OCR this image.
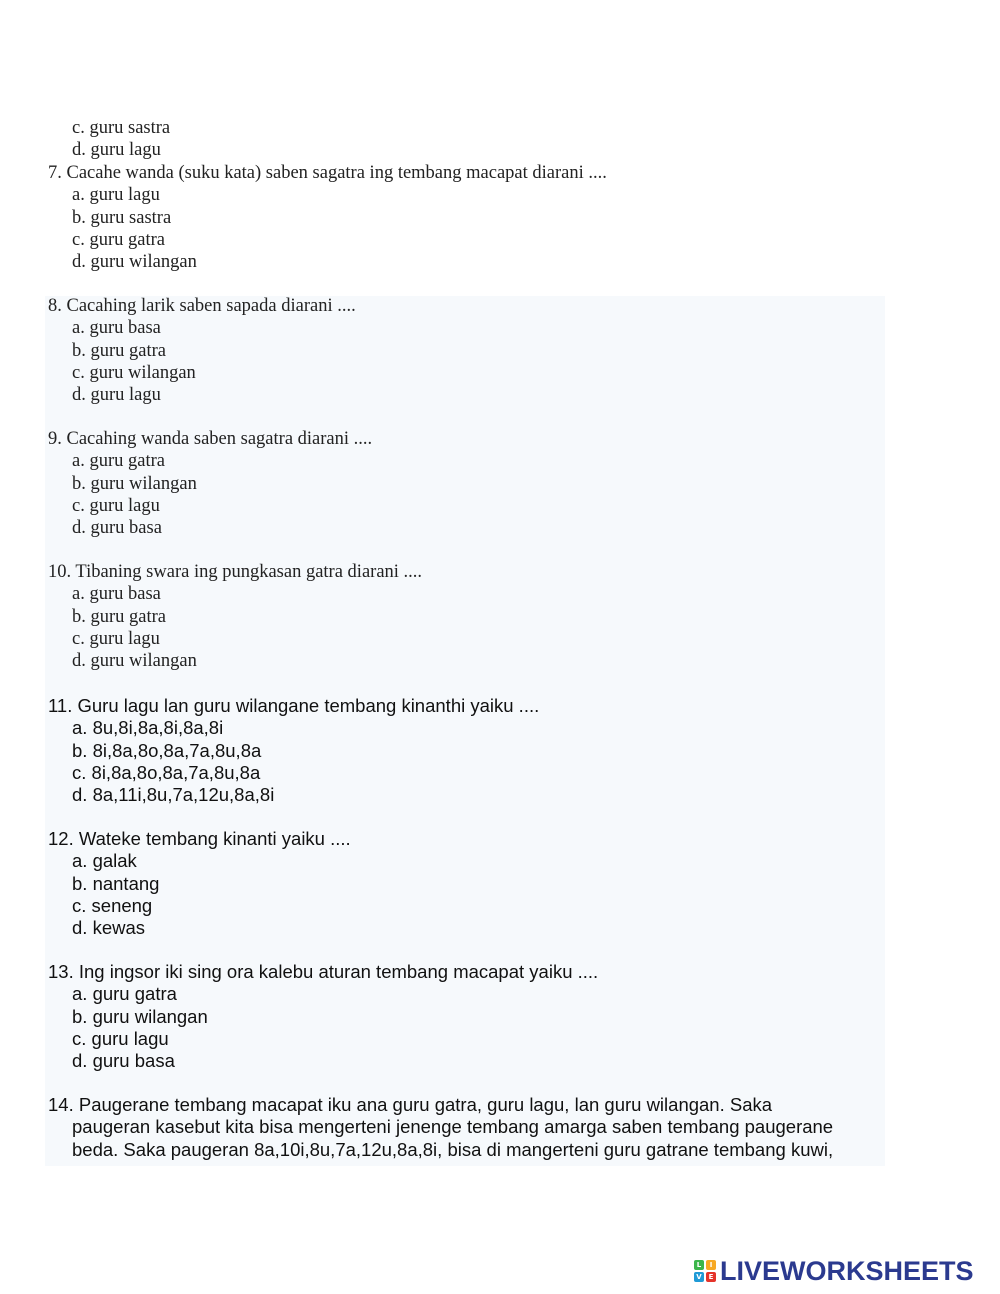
c. guru sastra

d. guru lagu

7. Cacahe wanda (suku kata) saben sagatra ing tembang macapat diarani ....

a. guru lagu

b. guru sastra

c. guru gatra

d. guru wilangan

8. Cacahing larik saben sapada diarani ....

a. guru basa

b. guru gatra

c. guru wilangan

d. guru lagu

9. Cacahing wanda saben sagatra diarani ....

a. guru gatra

b. guru wilangan

c. guru lagu

d. guru basa

10. Tibaning swara ing pungkasan gatra diarani ....

a. guru basa

b. guru gatra

c. guru lagu

d. guru wilangan

11. Guru lagu lan guru wilangane tembang kinanthi yaiku ....

a. 8u,8i,8a,8i,8a,8i

b. 8i,8a,8o,8a,7a,8u,8a

c. 8i,8a,8o,8a,7a,8u,8a

d. 8a,11i,8u,7a,12u,8a,8i

12. Wateke tembang kinanti yaiku ....

a. galak

b. nantang

c. seneng

d. kewas

13. Ing ingsor iki sing ora kalebu aturan tembang macapat yaiku ....

a. guru gatra

b. guru wilangan

c. guru lagu

d. guru basa

14. Paugerane tembang macapat iku ana guru gatra, guru lagu, lan guru wilangan. Saka

paugeran kasebut kita bisa mengerteni jenenge tembang amarga saben tembang paugerane

beda. Saka paugeran 8a,10i,8u,7a,12u,8a,8i, bisa di mangerteni guru gatrane tembang kuwi,

L	I
V E LIVEWORKSHEETS
